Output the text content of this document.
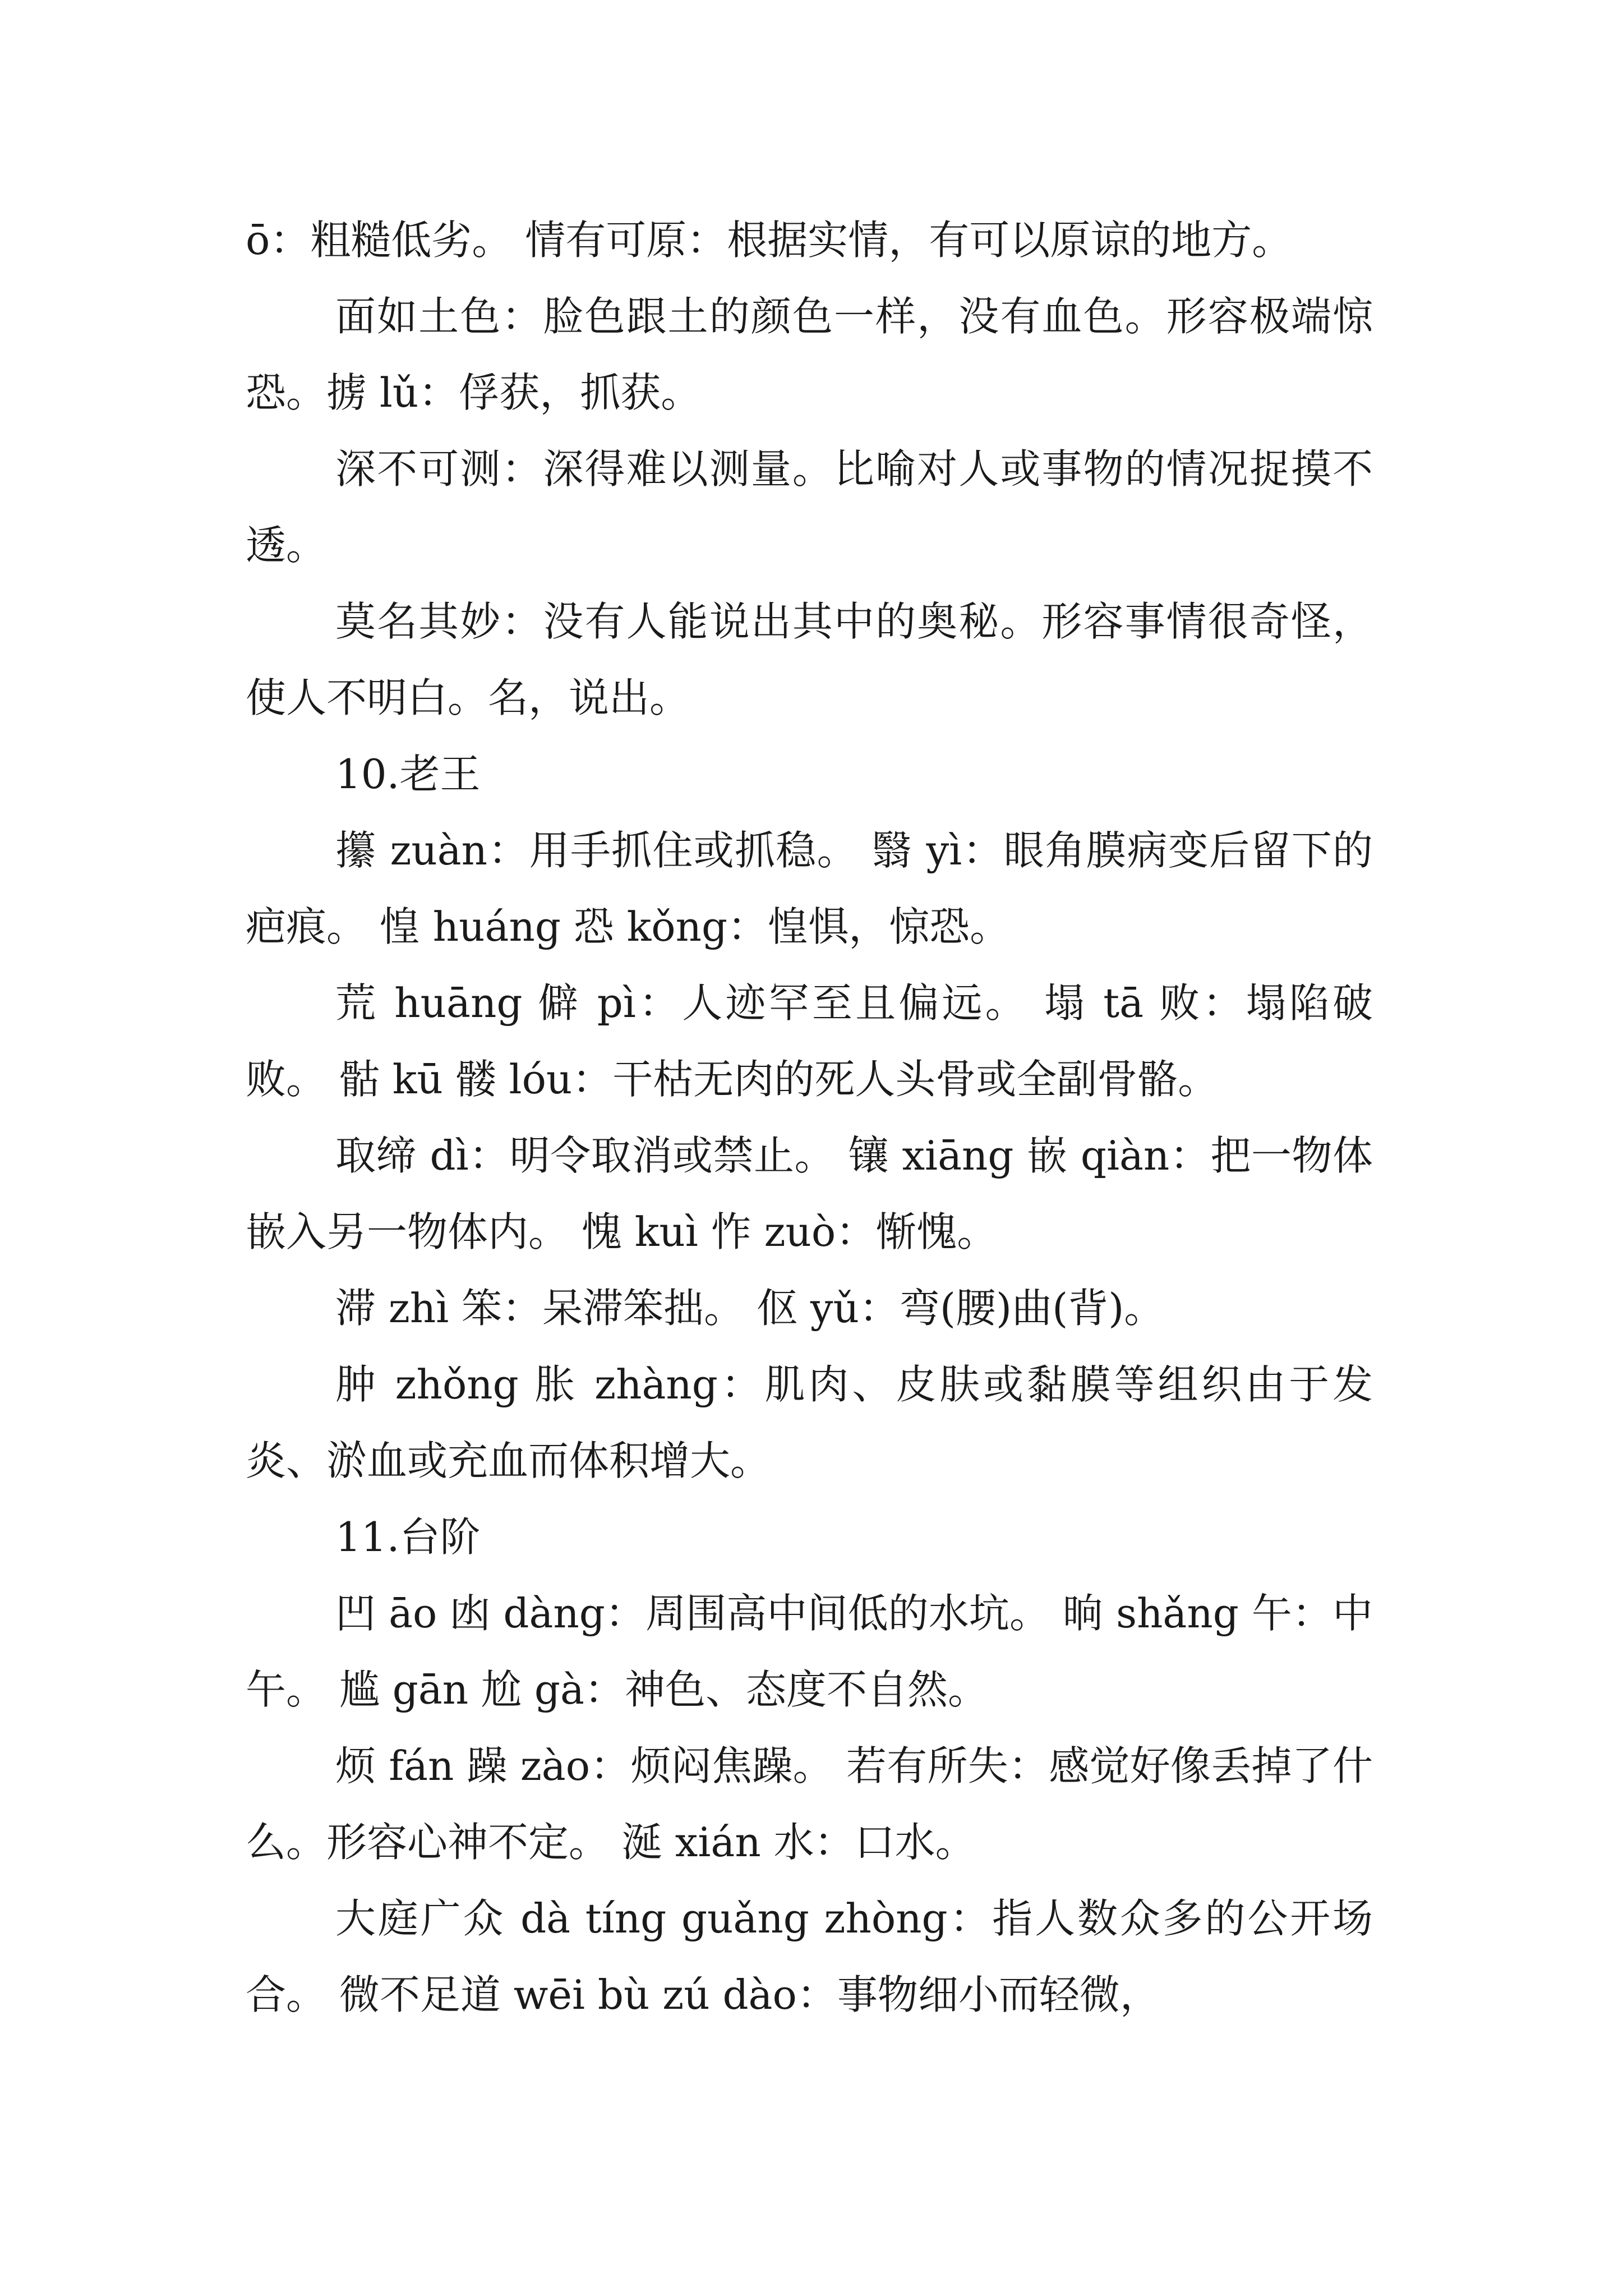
ō：粗糙低劣。 情有可原：根据实情，有可以原谅的地方。

面如土色：脸色跟土的颜色一样，没有血色。形容极端惊恐。掳 lǔ：俘获，抓获。

深不可测：深得难以测量。比喻对人或事物的情况捉摸不透。

莫名其妙：没有人能说出其中的奥秘。形容事情很奇怪，使人不明白。名，说出。

10.老王

攥 zuàn：用手抓住或抓稳。 翳 yì：眼角膜病变后留下的疤痕。 惶 huáng 恐 kǒng：惶惧，惊恐。

荒 huāng 僻 pì：人迹罕至且偏远。 塌 tā 败：塌陷破败。 骷 kū 髅 lóu：干枯无肉的死人头骨或全副骨骼。

取缔 dì：明令取消或禁止。 镶 xiāng 嵌 qiàn：把一物体嵌入另一物体内。 愧 kuì 怍 zuò：惭愧。

滞 zhì 笨：呆滞笨拙。 伛 yǔ：弯(腰)曲(背)。

肿 zhǒng 胀 zhàng：肌肉、皮肤或黏膜等组织由于发炎、淤血或充血而体积增大。

11.台阶

凹 āo 凼 dàng：周围高中间低的水坑。 晌 shǎng 午：中午。 尴 gān 尬 gà：神色、态度不自然。

烦 fán 躁 zào：烦闷焦躁。 若有所失：感觉好像丢掉了什么。形容心神不定。 涎 xián 水：口水。

大庭广众 dà tíng guǎng zhòng：指人数众多的公开场合。 微不足道 wēi bù zú dào：事物细小而轻微，
